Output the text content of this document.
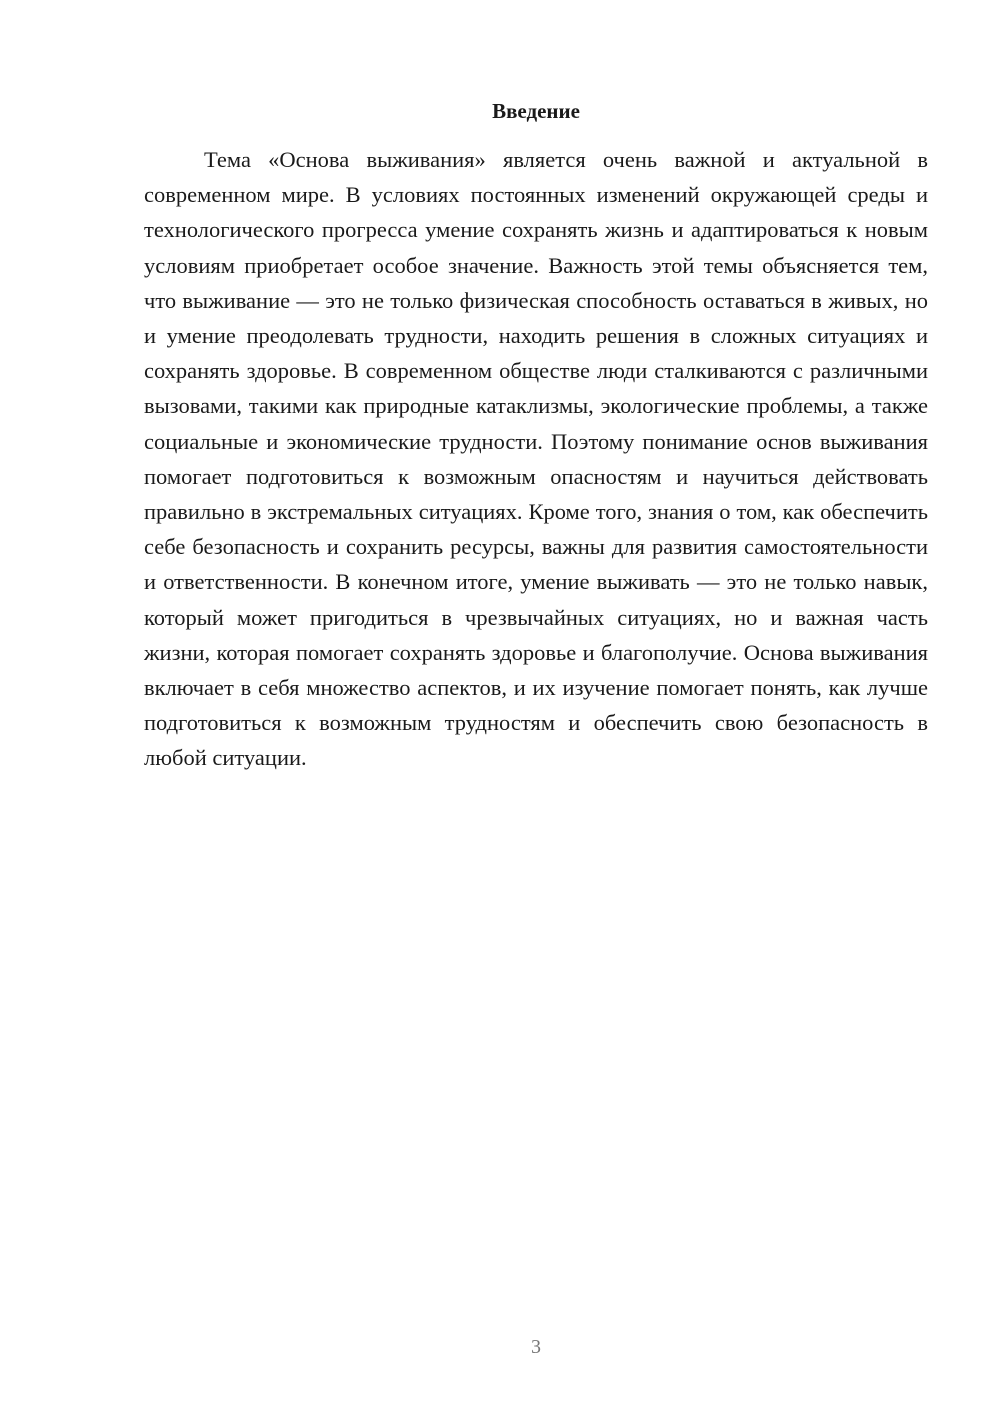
Введение

Тема «Основа выживания» является очень важной и актуальной в современном мире. В условиях постоянных изменений окружающей среды и технологического прогресса умение сохранять жизнь и адаптироваться к новым условиям приобретает особое значение. Важность этой темы объясняется тем, что выживание — это не только физическая способность оставаться в живых, но и умение преодолевать трудности, находить решения в сложных ситуациях и сохранять здоровье. В современном обществе люди сталкиваются с различными вызовами, такими как природные катаклизмы, экологические проблемы, а также социальные и экономические трудности. Поэтому понимание основ выживания помогает подготовиться к возможным опасностям и научиться действовать правильно в экстремальных ситуациях. Кроме того, знания о том, как обеспечить себе безопасность и сохранить ресурсы, важны для развития самостоятельности и ответственности. В конечном итоге, умение выживать — это не только навык, который может пригодиться в чрезвычайных ситуациях, но и важная часть жизни, которая помогает сохранять здоровье и благополучие. Основа выживания включает в себя множество аспектов, и их изучение помогает понять, как лучше подготовиться к возможным трудностям и обеспечить свою безопасность в любой ситуации.

3
